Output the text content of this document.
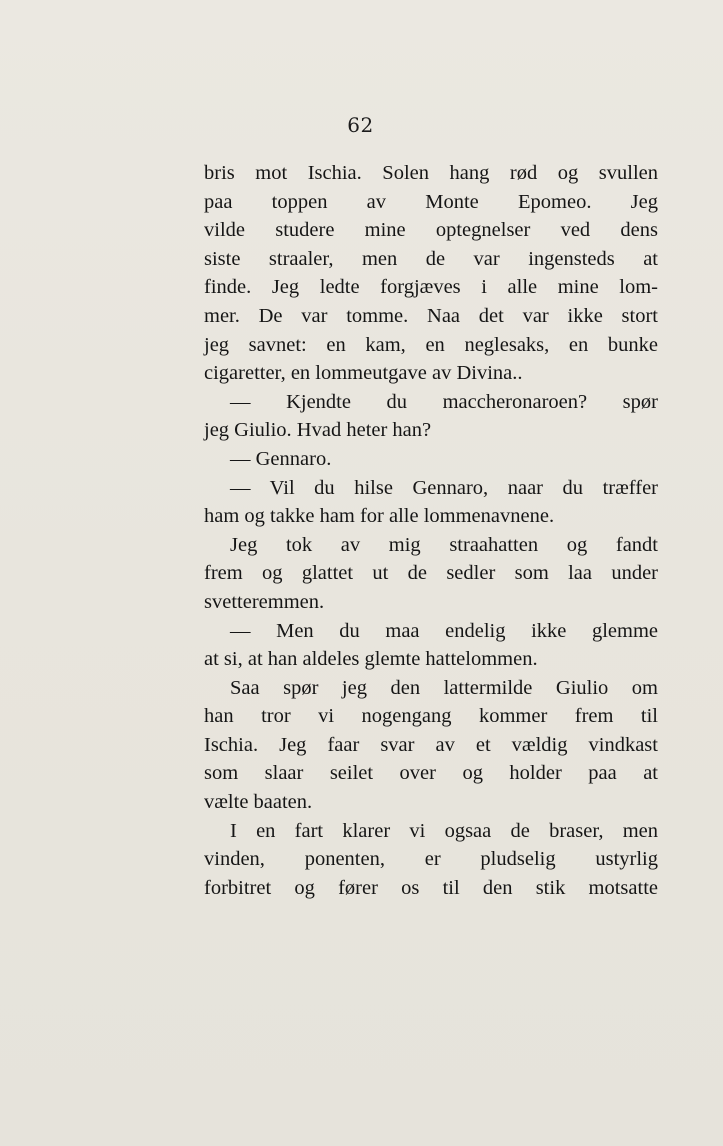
62
bris mot Ischia. Solen hang rød og svullen
paa toppen av Monte Epomeo. Jeg
vilde studere mine optegnelser ved dens
siste straaler, men de var ingensteds at
finde. Jeg ledte forgjæves i alle mine lom-
mer. De var tomme. Naa det var ikke stort
jeg savnet: en kam, en neglesaks, en bunke
cigaretter, en lommeutgave av Divina..
— Kjendte du maccheronaroen? spør
jeg Giulio. Hvad heter han?
— Gennaro.
— Vil du hilse Gennaro, naar du træffer
ham og takke ham for alle lommenavnene.
Jeg tok av mig straahatten og fandt
frem og glattet ut de sedler som laa under
svetteremmen.
— Men du maa endelig ikke glemme
at si, at han aldeles glemte hattelommen.
Saa spør jeg den lattermilde Giulio om
han tror vi nogengang kommer frem til
Ischia. Jeg faar svar av et vældig vindkast
som slaar seilet over og holder paa at
vælte baaten.
I en fart klarer vi ogsaa de braser, men
vinden, ponenten, er pludselig ustyrlig
forbitret og fører os til den stik motsatte
